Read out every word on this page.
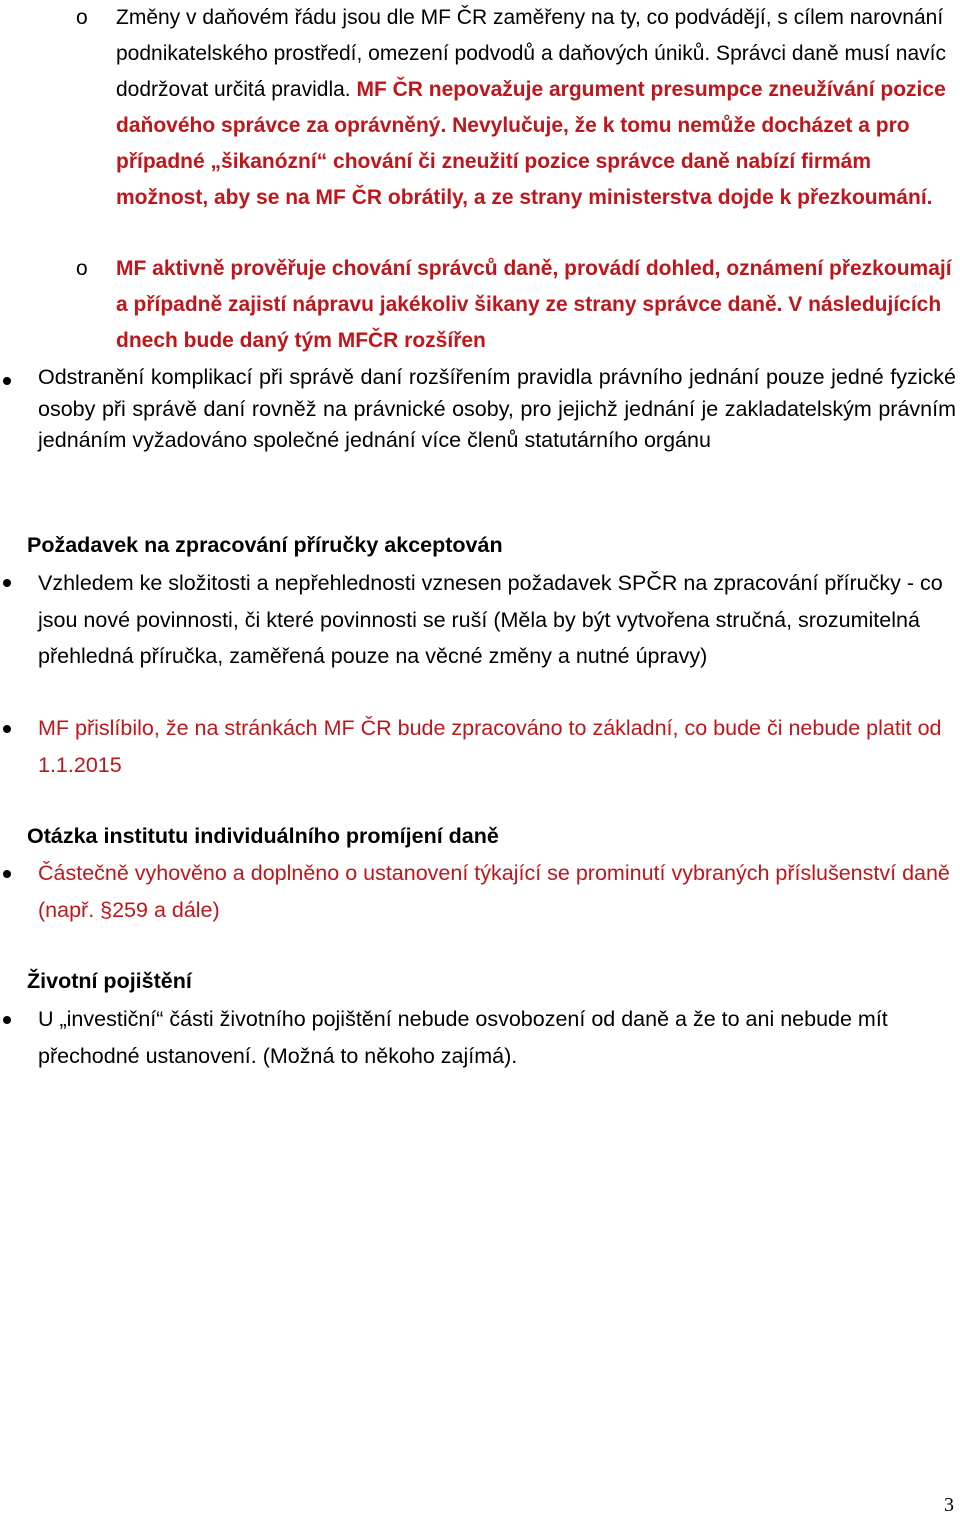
o Změny v daňovém řádu jsou dle MF ČR zaměřeny na ty, co podvádějí, s cílem narovnání podnikatelského prostředí, omezení podvodů a daňových úniků. Správci daně musí navíc dodržovat určitá pravidla. MF ČR nepovažuje argument presumpce zneužívání pozice daňového správce za oprávněný. Nevylučuje, že k tomu nemůže docházet a pro případné „šikanózní“ chování či zneužití pozice správce daně nabízí firmám možnost, aby se na MF ČR obrátily, a ze strany ministerstva dojde k přezkoumání.
o MF aktivně prověřuje chování správců daně, provádí dohled, oznámení přezkoumají a případně zajistí nápravu jakékoliv šikany ze strany správce daně. V následujících dnech bude daný tým MFČR rozšířen
Odstranění komplikací při správě daní rozšířením pravidla právního jednání pouze jedné fyzické osoby při správě daní rovněž na právnické osoby, pro jejichž jednání je zakladatelským právním jednáním vyžadováno společné jednání více členů statutárního orgánu
Požadavek na zpracování příručky akceptován
Vzhledem ke složitosti a nepřehlednosti vznesen požadavek SPČR na zpracování příručky - co jsou nové povinnosti, či které povinnosti se ruší (Měla by být vytvořena stručná, srozumitelná přehledná příručka, zaměřená pouze na věcné změny a nutné úpravy)
MF přislíbilo, že na stránkách MF ČR bude zpracováno to základní, co bude či nebude platit od 1.1.2015
Otázka institutu individuálního promíjení daně
Částečně vyhověno a doplněno o ustanovení týkající se prominutí vybraných příslušenství daně (např. §259 a dále)
Životní pojištění
U „investiční“ části životního pojištění nebude osvobození od daně a že to ani nebude mít přechodné ustanovení. (Možná to někoho zajímá).
3
